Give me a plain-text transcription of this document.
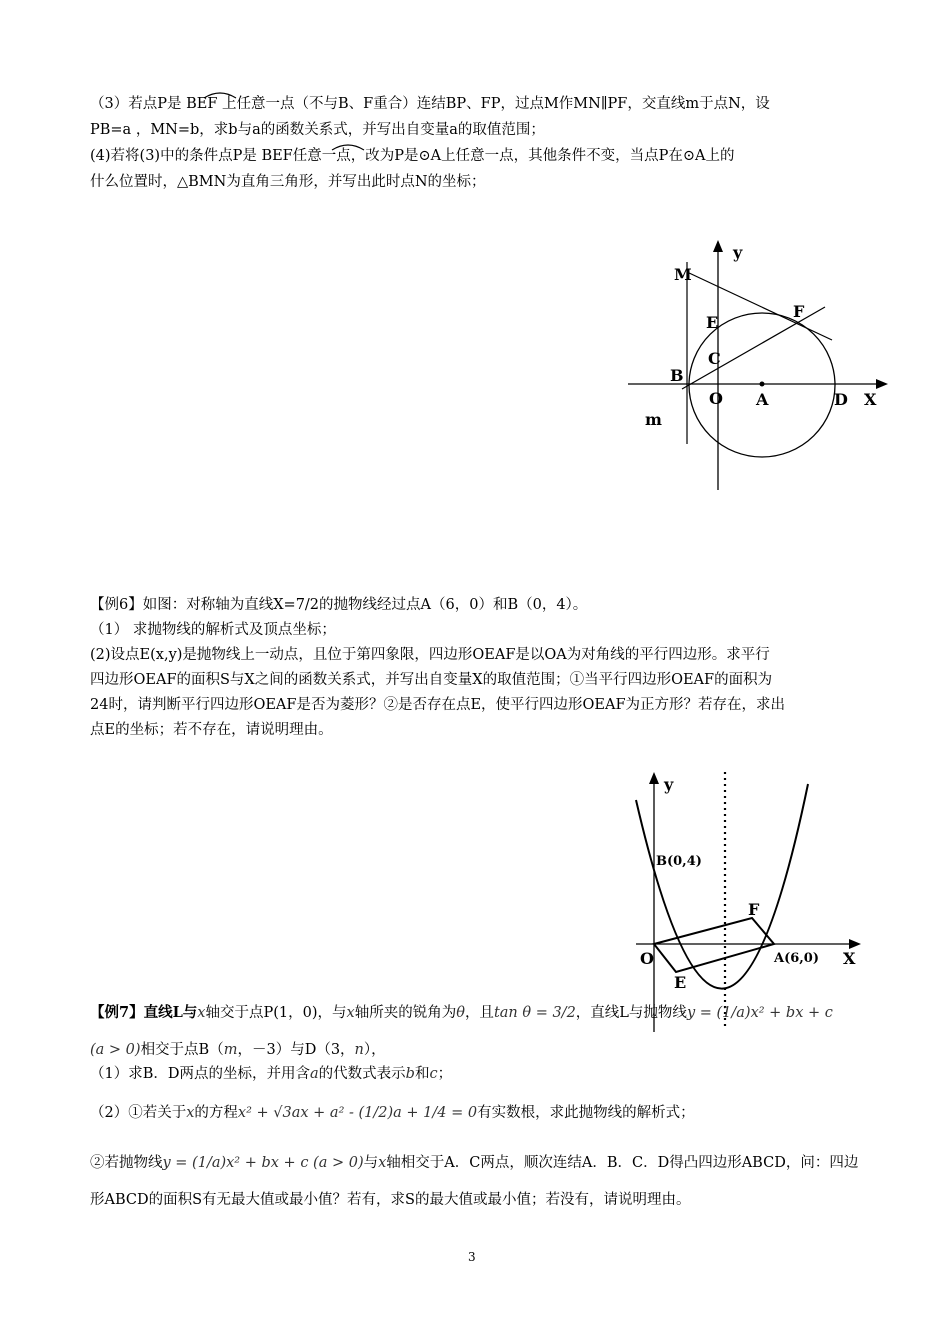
（3）若点P是 BEF 上任意一点（不与B、F重合）连结BP、FP，过点M作MN∥PF，交直线m于点N，设
PB=a ，MN=b，求b与a的函数关系式，并写出自变量a的取值范围；
(4)若将(3)中的条件点P是 BEF任意一点，改为P是⊙A上任意一点，其他条件不变，当点P在⊙A上的
什么位置时，△BMN为直角三角形，并写出此时点N的坐标；
y
M
E
F
C
B
O A	D X
m
【例6】如图：对称轴为直线X=7/2的抛物线经过点A（6，0）和B（0，4）。
（1） 求抛物线的解析式及顶点坐标；
(2)设点E(x,y)是抛物线上一动点，且位于第四象限，四边形OEAF是以OA为对角线的平行四边形。求平行
四边形OEAF的面积S与X之间的函数关系式，并写出自变量X的取值范围；①当平行四边形OEAF的面积为
24时，请判断平行四边形OEAF是否为菱形？②是否存在点E，使平行四边形OEAF为正方形？若存在，求出
点E的坐标；若不存在，请说明理由。
y
B(0,4)
F
O
E
A(6,0) X
【例7】直线L与x轴交于点P(1，0)，与x轴所夹的锐角为θ，且tan θ = 3/2，直线L与抛物线y = (1/a)x² + bx + c
(a > 0)相交于点B（m，－3）与D（3，n），
（1）求B．D两点的坐标，并用含a的代数式表示b和c；
（2）①若关于x的方程x² + √3ax + a² - (1/2)a + 1/4 = 0有实数根，求此抛物线的解析式；
②若抛物线y = (1/a)x² + bx + c (a > 0)与x轴相交于A．C两点，顺次连结A．B．C．D得凸四边形ABCD，问：四边
形ABCD的面积S有无最大值或最小值？若有，求S的最大值或最小值；若没有，请说明理由。
3
